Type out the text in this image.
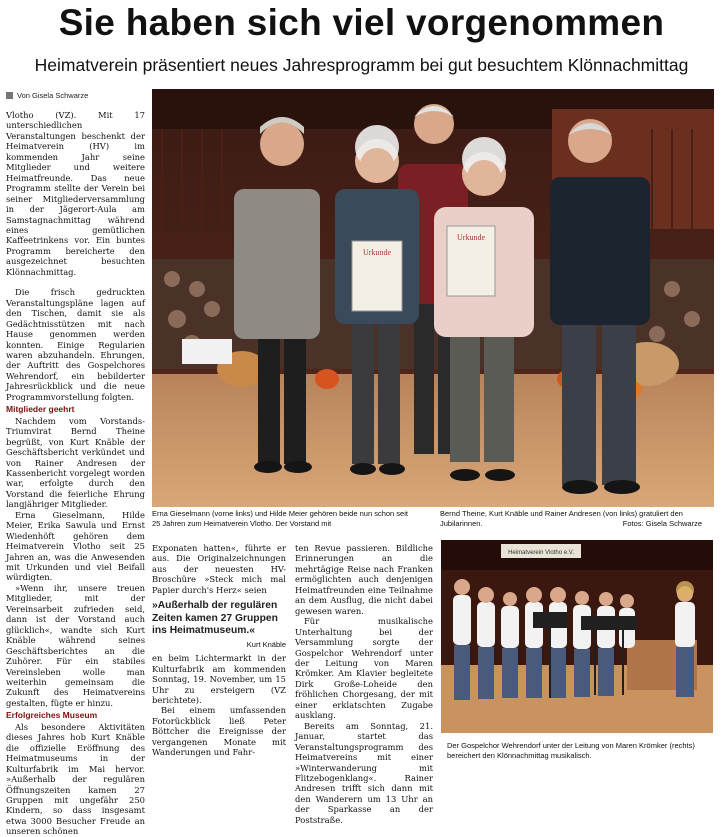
Sie haben sich viel vorgenommen
Heimatverein präsentiert neues Jahresprogramm bei gut besuchtem Klönnachmittag
Von Gisela Schwarze

Vlotho (VZ). Mit 17 unterschiedlichen Veranstaltungen beschenkt der Heimatverein (HV) im kommenden Jahr seine Mitglieder und weitere Heimatfreunde. Das neue Programm stellte der Verein bei seiner Mitgliederversammlung in der Jägerort-Aula am Samstagnachmittag während eines gemütlichen Kaffeetrinkens vor. Ein buntes Programm bereicherte den ausgezeichnet besuchten Klönnachmittag.

Die frisch gedruckten Veranstaltungspläne lagen auf den Tischen, damit sie als Gedächtnisstützen mit nach Hause genommen werden konnten. Einige Regularien waren abzuhandeln. Ehrungen, der Auftritt des Gospelchores Wehrendorf, ein bebilderter Jahresrückblick und die neue Programmvorstellung folgten.

Mitglieder geehrt

Nachdem vom Vorstands-Triumvirat Bernd Theine begrüßt, von Kurt Knäble der Geschäftsbericht verkündet und von Rainer Andresen der Kassenbericht vorgelegt worden war, erfolgte durch den Vorstand die feierliche Ehrung langjähriger Mitglieder.

Erna Gieselmann, Hilde Meier, Erika Sawula und Ernst Wiedenhöft gehören dem Heimatverein Vlotho seit 25 Jahren an, was die Anwesenden mit Urkunden und viel Beifall würdigten.

»Wenn ihr, unsere treuen Mitglieder, mit der Vereinsarbeit zufrieden seid, dann ist der Vorstand auch glücklich«, wandte sich Kurt Knäble während seines Geschäftsberichtes an die Zuhörer. Für ein stabiles Vereinsleben wolle man weiterhin gemeinsam die Zukunft des Heimatvereins gestalten, fügte er hinzu.

Erfolgreiches Museum

Als besondere Aktivitäten dieses Jahres hob Kurt Knäble die offizielle Eröffnung des Heimatmuseums in der Kulturfabrik im Mai hervor. »Außerhalb der regulären Öffnungszeiten kamen 27 Gruppen mit ungefähr 250 Kindern, so dass insgesamt etwa 3000 Besucher Freude an unseren schönen

Urkunde
Urkunde
Erna Gieselmann (vorne links) und Hilde Meier gehören beide nun schon seit 25 Jahren zum Heimatverein Vlotho. Der Vorstand mit
Bernd Theine, Kurt Knäble und Rainer Andresen (von links) gratuliert den Jubilarinnen.	Fotos: Gisela Schwarze

Exponaten hatten«, führte er aus. Die Originalzeichnungen aus der neuesten HV-Broschüre »Steck mich mal Papier durch's Herz« seien

»Außerhalb der regulären Zeiten kamen 27 Gruppen ins Heimatmuseum.«
Kurt Knäble

en beim Lichtermarkt in der Kulturfabrik am kommenden Sonntag, 19. November, um 15 Uhr zu ersteigern (VZ berichtete).

Bei einem umfassenden Fotorückblick ließ Peter Böttcher die Ereignisse der vergangenen Monate mit Wanderungen und Fahr-

ten Revue passieren. Bildliche Erinnerungen an die mehrtägige Reise nach Franken ermöglichten auch denjenigen Heimatfreunden eine Teilnahme an dem Ausflug, die nicht dabei gewesen waren.

Für musikalische Unterhaltung bei der Versammlung sorgte der Gospelchor Wehrendorf unter der Leitung von Maren Krömker. Am Klavier begleitete Dirk Große-Loheide den fröhlichen Chorgesang, der mit einer erklatschten Zugabe ausklang.

Bereits am Sonntag, 21. Januar, startet das Veranstaltungsprogramm des Heimatvereins mit einer »Winterwanderung mit Flitzebogenklang«. Rainer Andresen trifft sich dann mit den Wanderern um 13 Uhr an der Sparkasse an der Poststraße.

Heimatverein Vlotho e.V.
Der Gospelchor Wehrendorf unter der Leitung von Maren Krömker (rechts) bereichert den Klönnachmittag musikalisch.
